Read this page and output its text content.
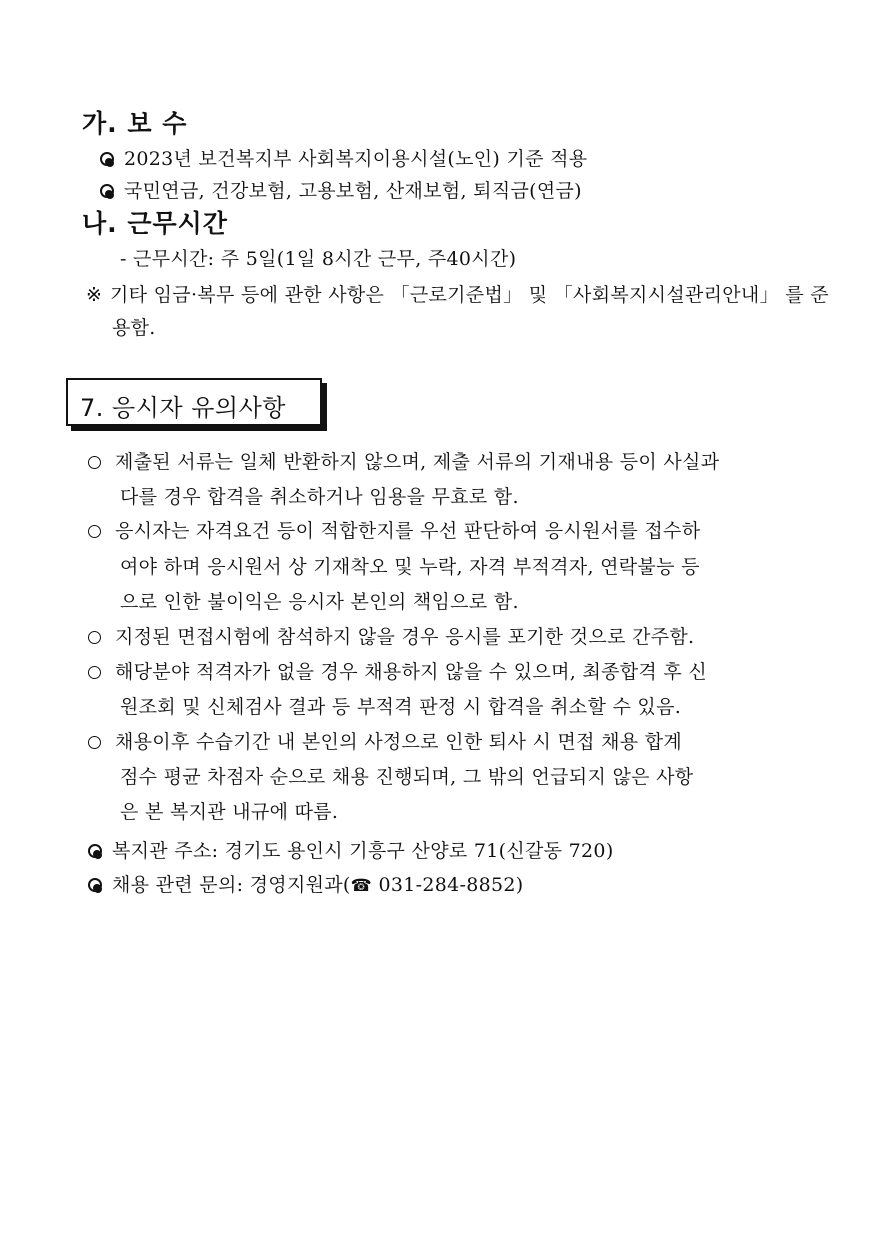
가. 보 수
2023년 보건복지부 사회복지이용시설(노인) 기준 적용
국민연금, 건강보험, 고용보험, 산재보험, 퇴직금(연금)
나. 근무시간
- 근무시간: 주 5일(1일 8시간 근무, 주40시간)
※ 기타 임금·복무 등에 관한 사항은 「근로기준법」 및 「사회복지시설관리안내」 를 준
용함.
7. 응시자 유의사항
제출된 서류는 일체 반환하지 않으며, 제출 서류의 기재내용 등이 사실과
다를 경우 합격을 취소하거나 임용을 무효로 함.
응시자는 자격요건 등이 적합한지를 우선 판단하여 응시원서를 접수하
여야 하며 응시원서 상 기재착오 및 누락, 자격 부적격자, 연락불능 등
으로 인한 불이익은 응시자 본인의 책임으로 함.
지정된 면접시험에 참석하지 않을 경우 응시를 포기한 것으로 간주함.
해당분야 적격자가 없을 경우 채용하지 않을 수 있으며, 최종합격 후 신
원조회 및 신체검사 결과 등 부적격 판정 시 합격을 취소할 수 있음.
채용이후 수습기간 내 본인의 사정으로 인한 퇴사 시 면접 채용 합계
점수 평균 차점자 순으로 채용 진행되며, 그 밖의 언급되지 않은 사항
은 본 복지관 내규에 따름.
복지관 주소: 경기도 용인시 기흥구 산양로 71(신갈동 720)
채용 관련 문의: 경영지원과(☎ 031-284-8852)
